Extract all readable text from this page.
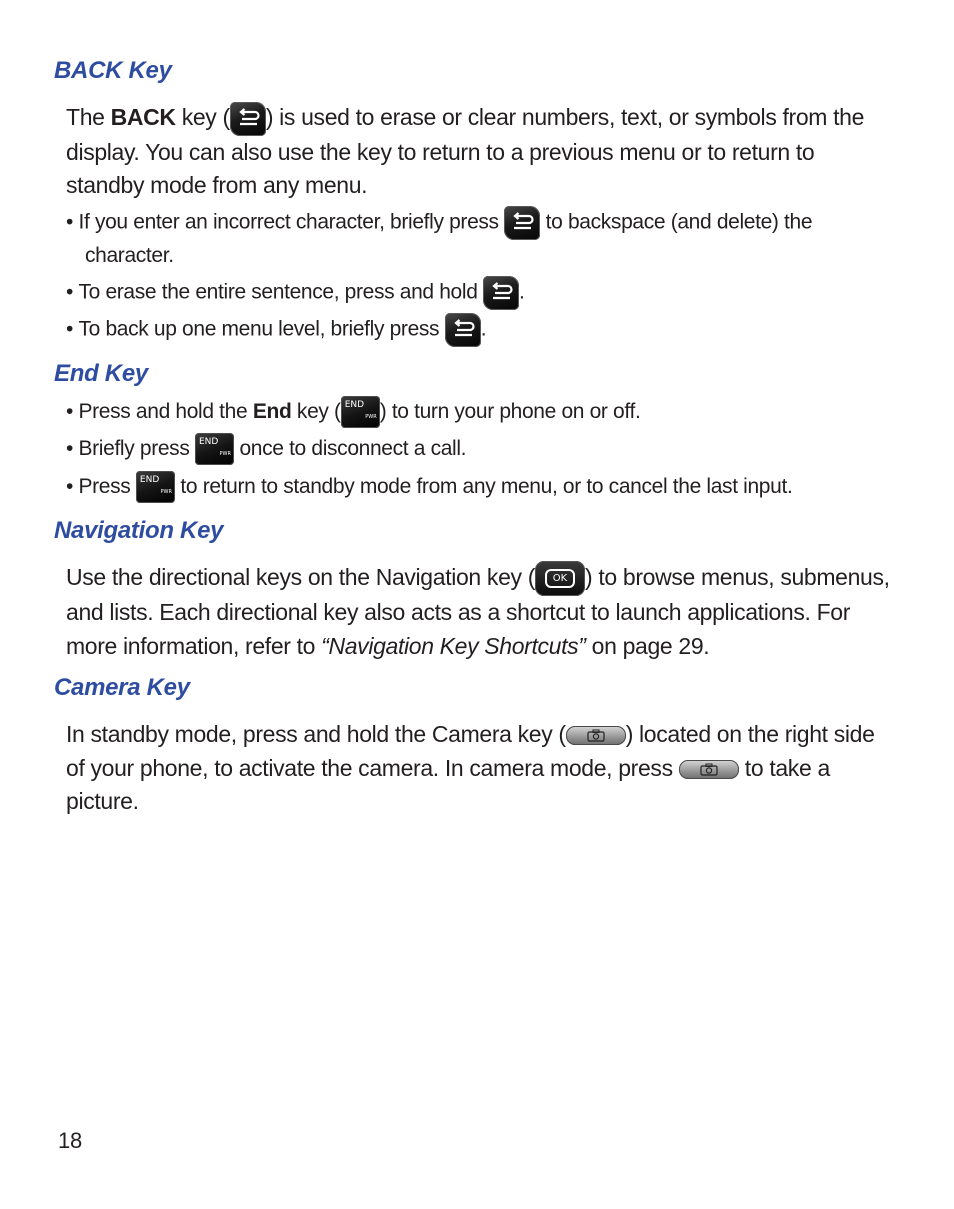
BACK Key

The BACK key ( ) is used to erase or clear numbers, text, or symbols from the display. You can also use the key to return to a previous menu or to return to standby mode from any menu.

• If you enter an incorrect character, briefly press  to backspace (and delete) the character.

• To erase the entire sentence, press and hold .

• To back up one menu level, briefly press .

End Key

• Press and hold the End key (	PWR
END ) to turn your phone on or off.

• Briefly press	PWR
END once to disconnect a call.

• Press	PWR
END to return to standby mode from any menu, or to cancel the last input.

Navigation Key

Use the directional keys on the Navigation key (	OK ) to browse menus, submenus, and lists. Each directional key also acts as a shortcut to launch applications. For more information, refer to “Navigation Key Shortcuts” on page 29.

Camera Key

In standby mode, press and hold the Camera key (	) located on the right side of your phone, to activate the camera. In camera mode, press	to take a picture.

18
